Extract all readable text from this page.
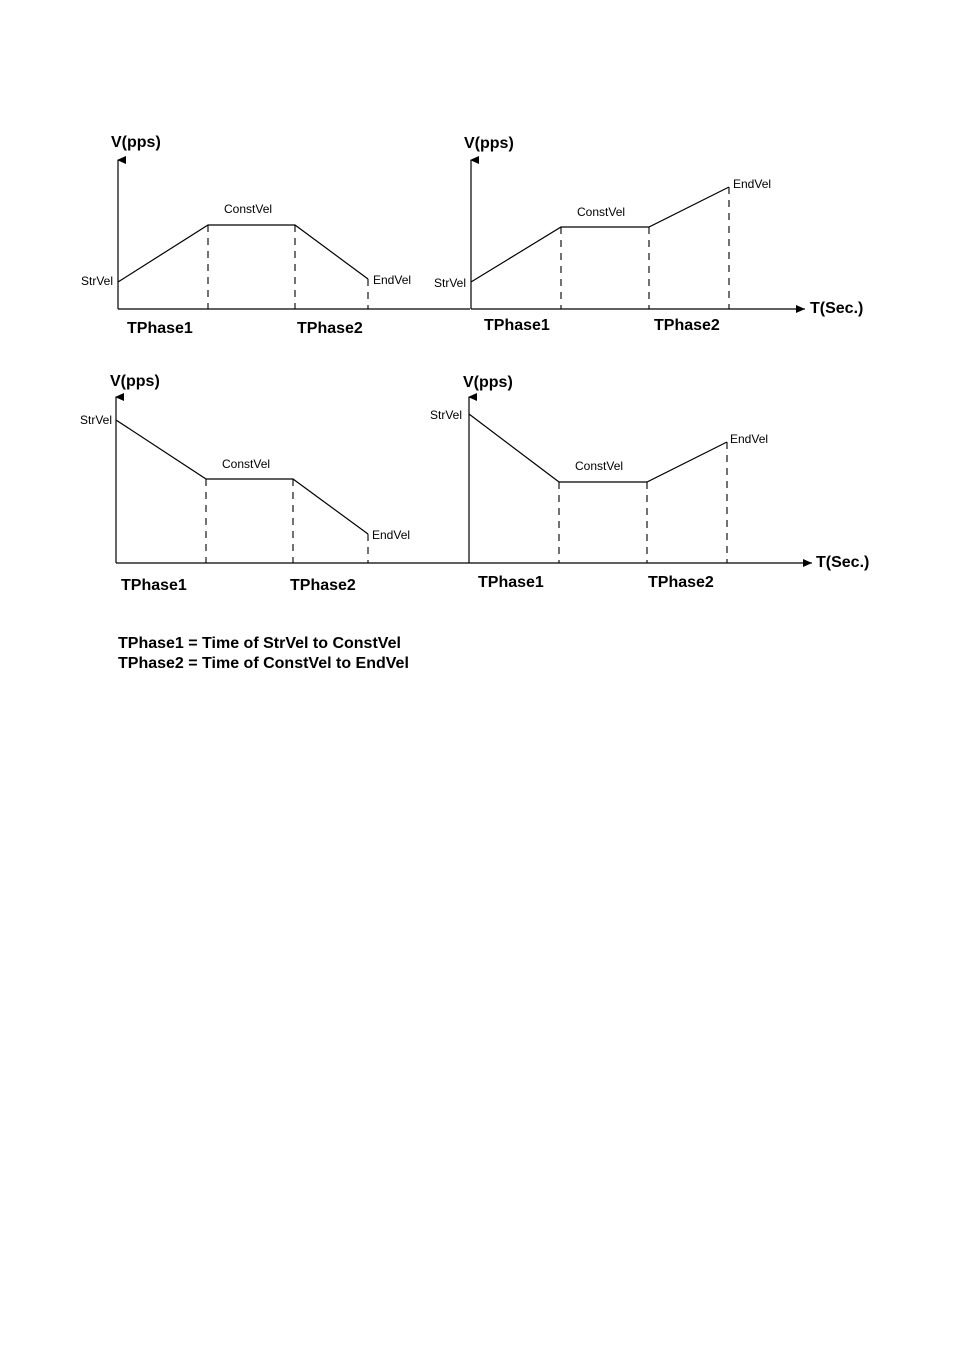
V(pps)
StrVel
ConstVel
EndVel
TPhase1	TPhase2
V(pps)
T(Sec.)
StrVel
ConstVel
EndVel
TPhase1	TPhase2
V(pps)
StrVel
ConstVel
EndVel
TPhase1	TPhase2
V(pps)
T(Sec.)
StrVel
ConstVel
EndVel
TPhase1	TPhase2
TPhase1 = Time of StrVel to ConstVel
TPhase2 = Time of ConstVel to EndVel
